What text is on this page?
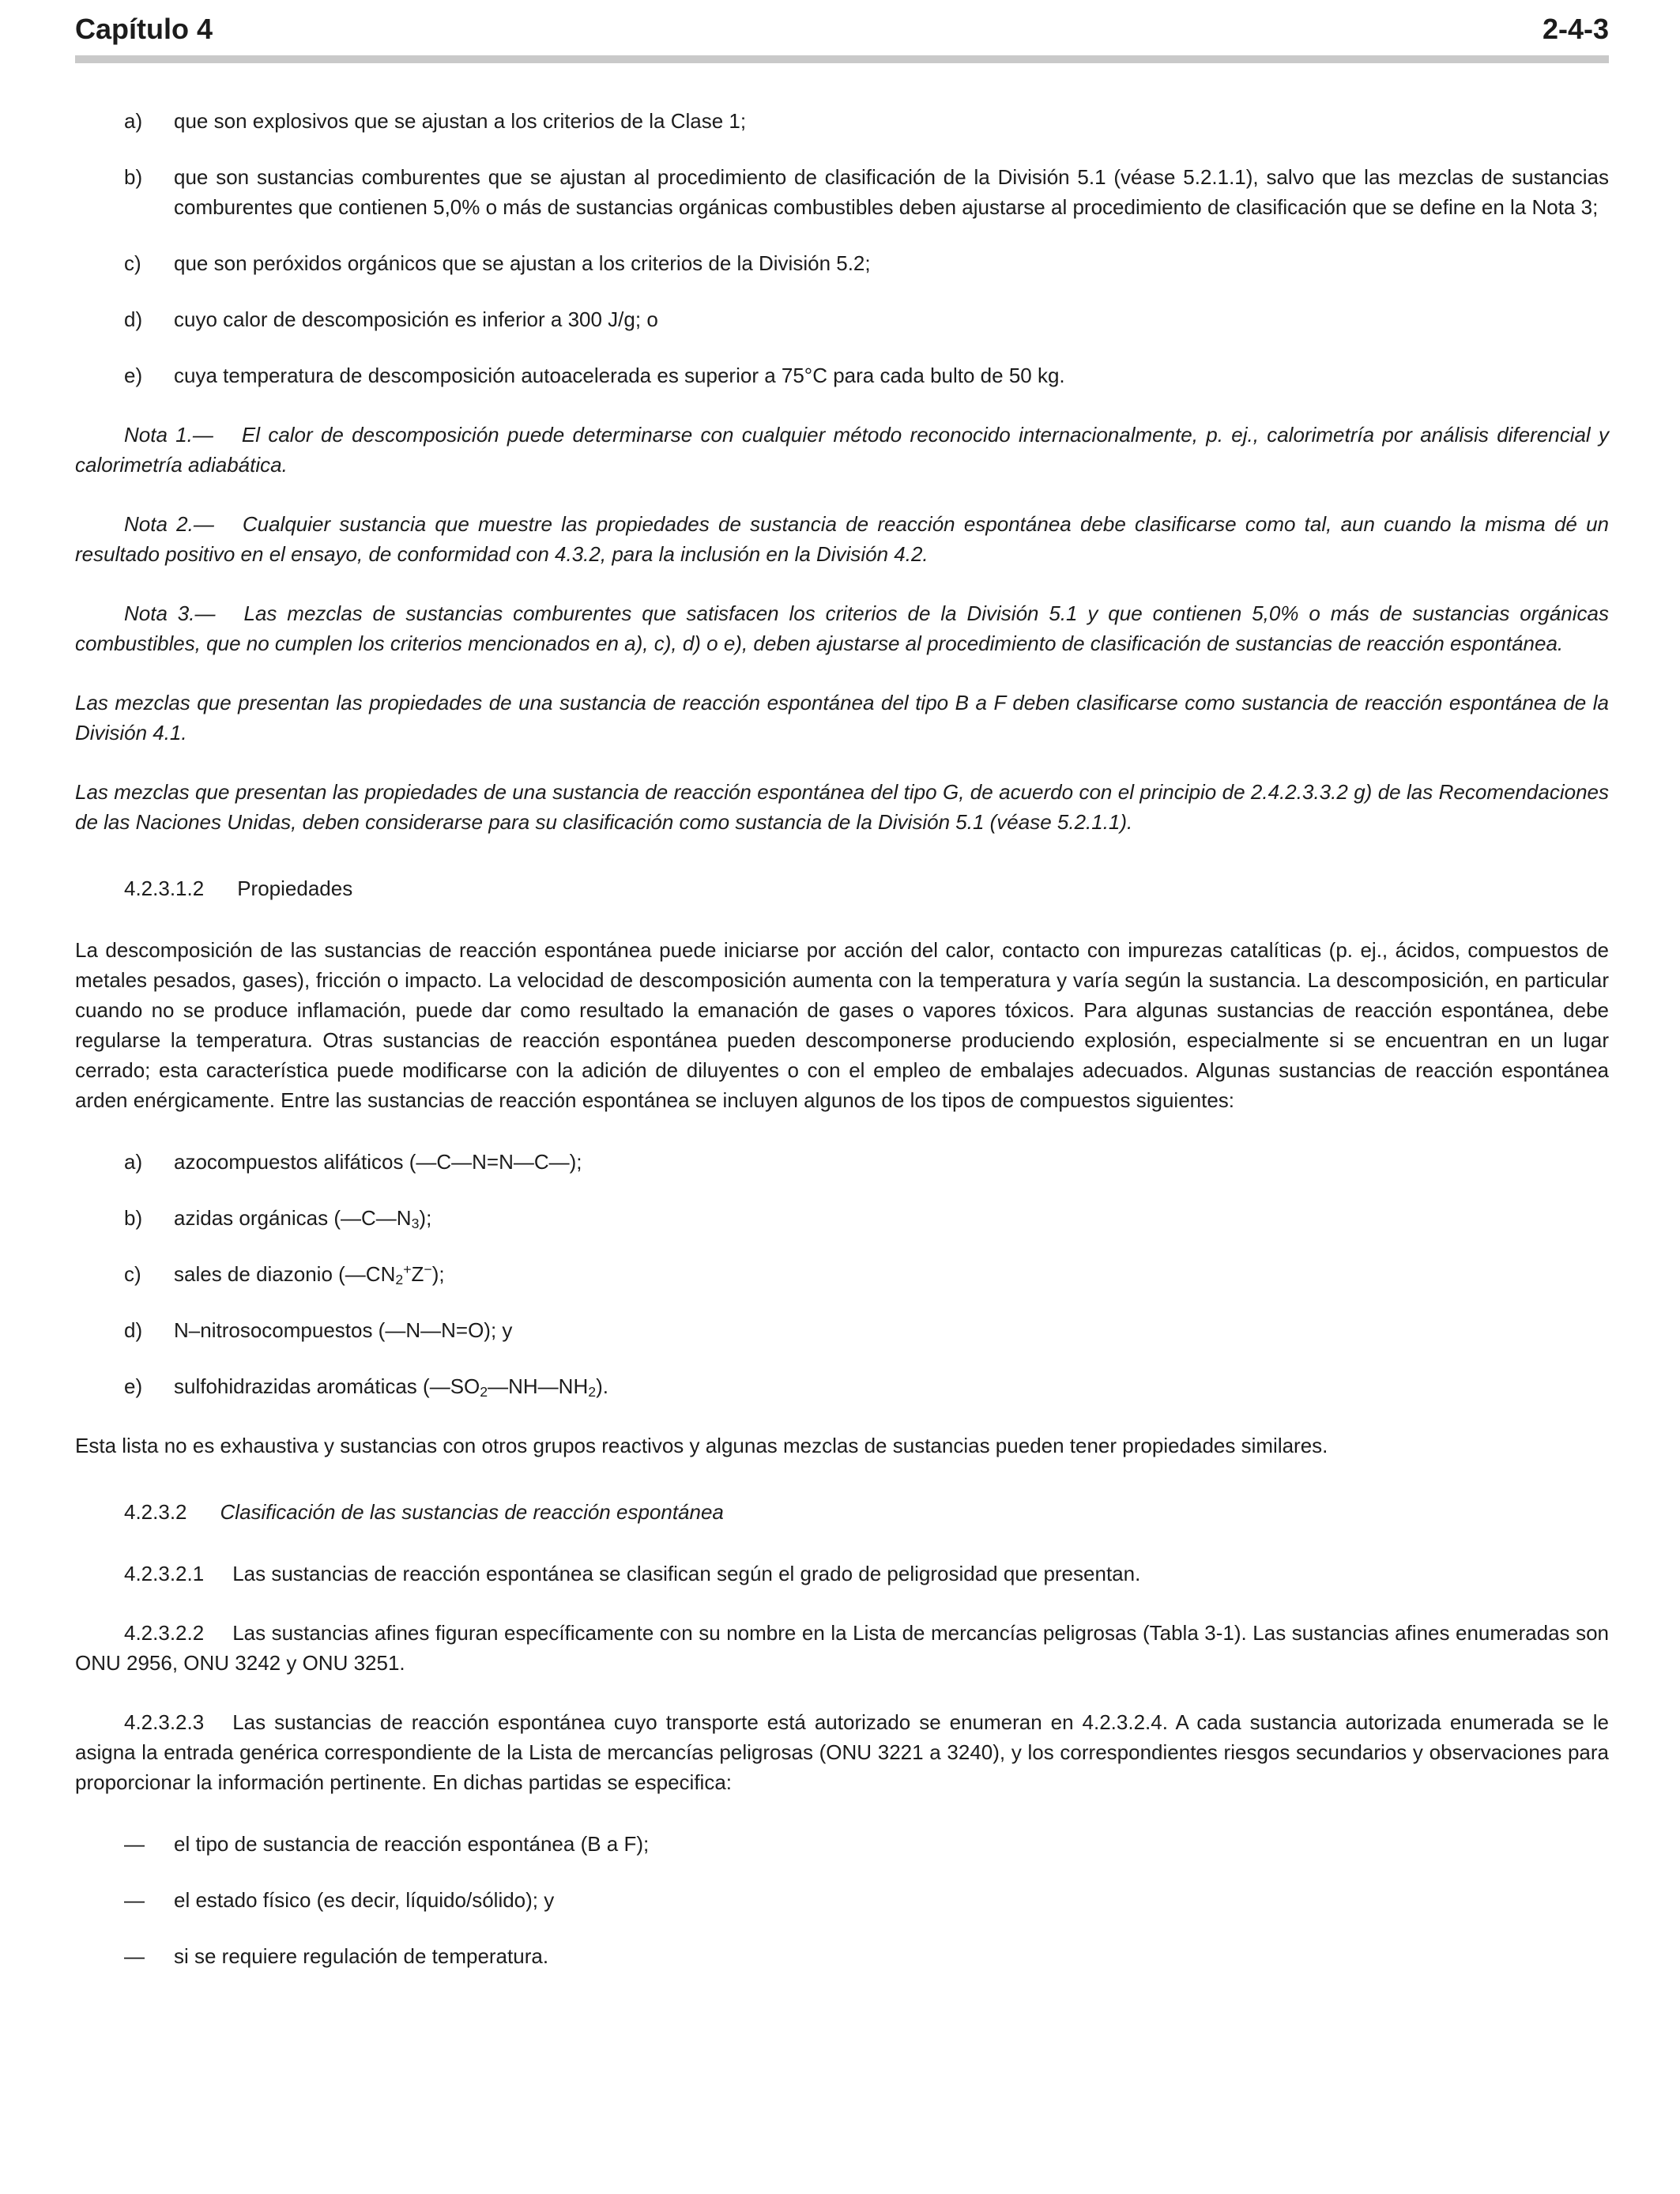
Capítulo 4	2-4-3
a)	que son explosivos que se ajustan a los criterios de la Clase 1;
b)	que son sustancias comburentes que se ajustan al procedimiento de clasificación de la División 5.1 (véase 5.2.1.1), salvo que las mezclas de sustancias comburentes que contienen 5,0% o más de sustancias orgánicas combustibles deben ajustarse al procedimiento de clasificación que se define en la Nota 3;
c)	que son peróxidos orgánicos que se ajustan a los criterios de la División 5.2;
d)	cuyo calor de descomposición es inferior a 300 J/g; o
e)	cuya temperatura de descomposición autoacelerada es superior a 75°C para cada bulto de 50 kg.

Nota 1.— El calor de descomposición puede determinarse con cualquier método reconocido internacionalmente, p. ej., calorimetría por análisis diferencial y calorimetría adiabática.

Nota 2.— Cualquier sustancia que muestre las propiedades de sustancia de reacción espontánea debe clasificarse como tal, aun cuando la misma dé un resultado positivo en el ensayo, de conformidad con 4.3.2, para la inclusión en la División 4.2.

Nota 3.— Las mezclas de sustancias comburentes que satisfacen los criterios de la División 5.1 y que contienen 5,0% o más de sustancias orgánicas combustibles, que no cumplen los criterios mencionados en a), c), d) o e), deben ajustarse al procedimiento de clasificación de sustancias de reacción espontánea.

Las mezclas que presentan las propiedades de una sustancia de reacción espontánea del tipo B a F deben clasificarse como sustancia de reacción espontánea de la División 4.1.

Las mezclas que presentan las propiedades de una sustancia de reacción espontánea del tipo G, de acuerdo con el principio de 2.4.2.3.3.2 g) de las Recomendaciones de las Naciones Unidas, deben considerarse para su clasificación como sustancia de la División 5.1 (véase 5.2.1.1).

4.2.3.1.2 Propiedades

La descomposición de las sustancias de reacción espontánea puede iniciarse por acción del calor, contacto con impurezas catalíticas (p. ej., ácidos, compuestos de metales pesados, gases), fricción o impacto. La velocidad de descomposición aumenta con la temperatura y varía según la sustancia. La descomposición, en particular cuando no se produce inflamación, puede dar como resultado la emanación de gases o vapores tóxicos. Para algunas sustancias de reacción espontánea, debe regularse la temperatura. Otras sustancias de reacción espontánea pueden descomponerse produciendo explosión, especialmente si se encuentran en un lugar cerrado; esta característica puede modificarse con la adición de diluyentes o con el empleo de embalajes adecuados. Algunas sustancias de reacción espontánea arden enérgicamente. Entre las sustancias de reacción espontánea se incluyen algunos de los tipos de compuestos siguientes:

a)	azocompuestos alifáticos (—C—N=N—C—);
b)	azidas orgánicas $(—C—N_3)$;
c)	sales de diazonio $(—CN_2^+Z^-)$;
d)	N–nitrosocompuestos (—N—N=O); y
e)	sulfohidrazidas aromáticas $(—SO_2—NH—NH_2)$.

Esta lista no es exhaustiva y sustancias con otros grupos reactivos y algunas mezclas de sustancias pueden tener propiedades similares.

4.2.3.2 Clasificación de las sustancias de reacción espontánea

4.2.3.2.1 Las sustancias de reacción espontánea se clasifican según el grado de peligrosidad que presentan.

4.2.3.2.2 Las sustancias afines figuran específicamente con su nombre en la Lista de mercancías peligrosas (Tabla 3-1). Las sustancias afines enumeradas son ONU 2956, ONU 3242 y ONU 3251.

4.2.3.2.3 Las sustancias de reacción espontánea cuyo transporte está autorizado se enumeran en 4.2.3.2.4. A cada sustancia autorizada enumerada se le asigna la entrada genérica correspondiente de la Lista de mercancías peligrosas (ONU 3221 a 3240), y los correspondientes riesgos secundarios y observaciones para proporcionar la información pertinente. En dichas partidas se especifica:

—	el tipo de sustancia de reacción espontánea (B a F);
—	el estado físico (es decir, líquido/sólido); y
—	si se requiere regulación de temperatura.
